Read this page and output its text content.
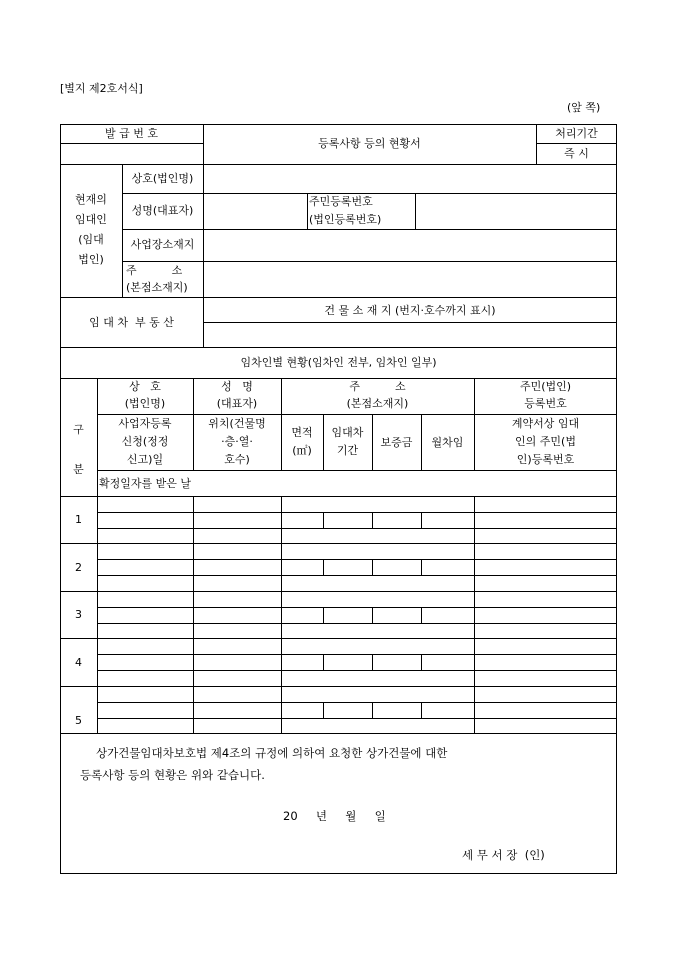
[별지 제2호서식]
(앞 쪽)
발 급 번 호
등록사항 등의 현황서
처리기간
즉 시
현재의
임대인
(임대
법인)
상호(법인명)
성명(대표자)
주민등록번호
(법인등록번호)
사업장소재지
주          소
(본점소재지)
임 대 차  부 동 산
건 물 소 재 지 (번지·호수까지 표시)
임차인별 현황(임차인 전부, 임차인 일부)
구
분
상   호
(법인명)
성   명
(대표자)
주          소
(본점소재지)
주민(법인)
등록번호
사업자등록
신청(정정
신고)일
위치(건물명
·층·열·
호수)
면적
(㎡)
임대차
기간
보증금	월차임
계약서상 임대
인의 주민(법
인)등록번호
확정일자를 받은 날
1
2
3
4
5
상가건물임대차보호법 제4조의 규정에 의하여 요청한 상가건물에 대한
등록사항 등의 현황은 위와 같습니다.
20     년     월     일
세 무 서 장  (인)
